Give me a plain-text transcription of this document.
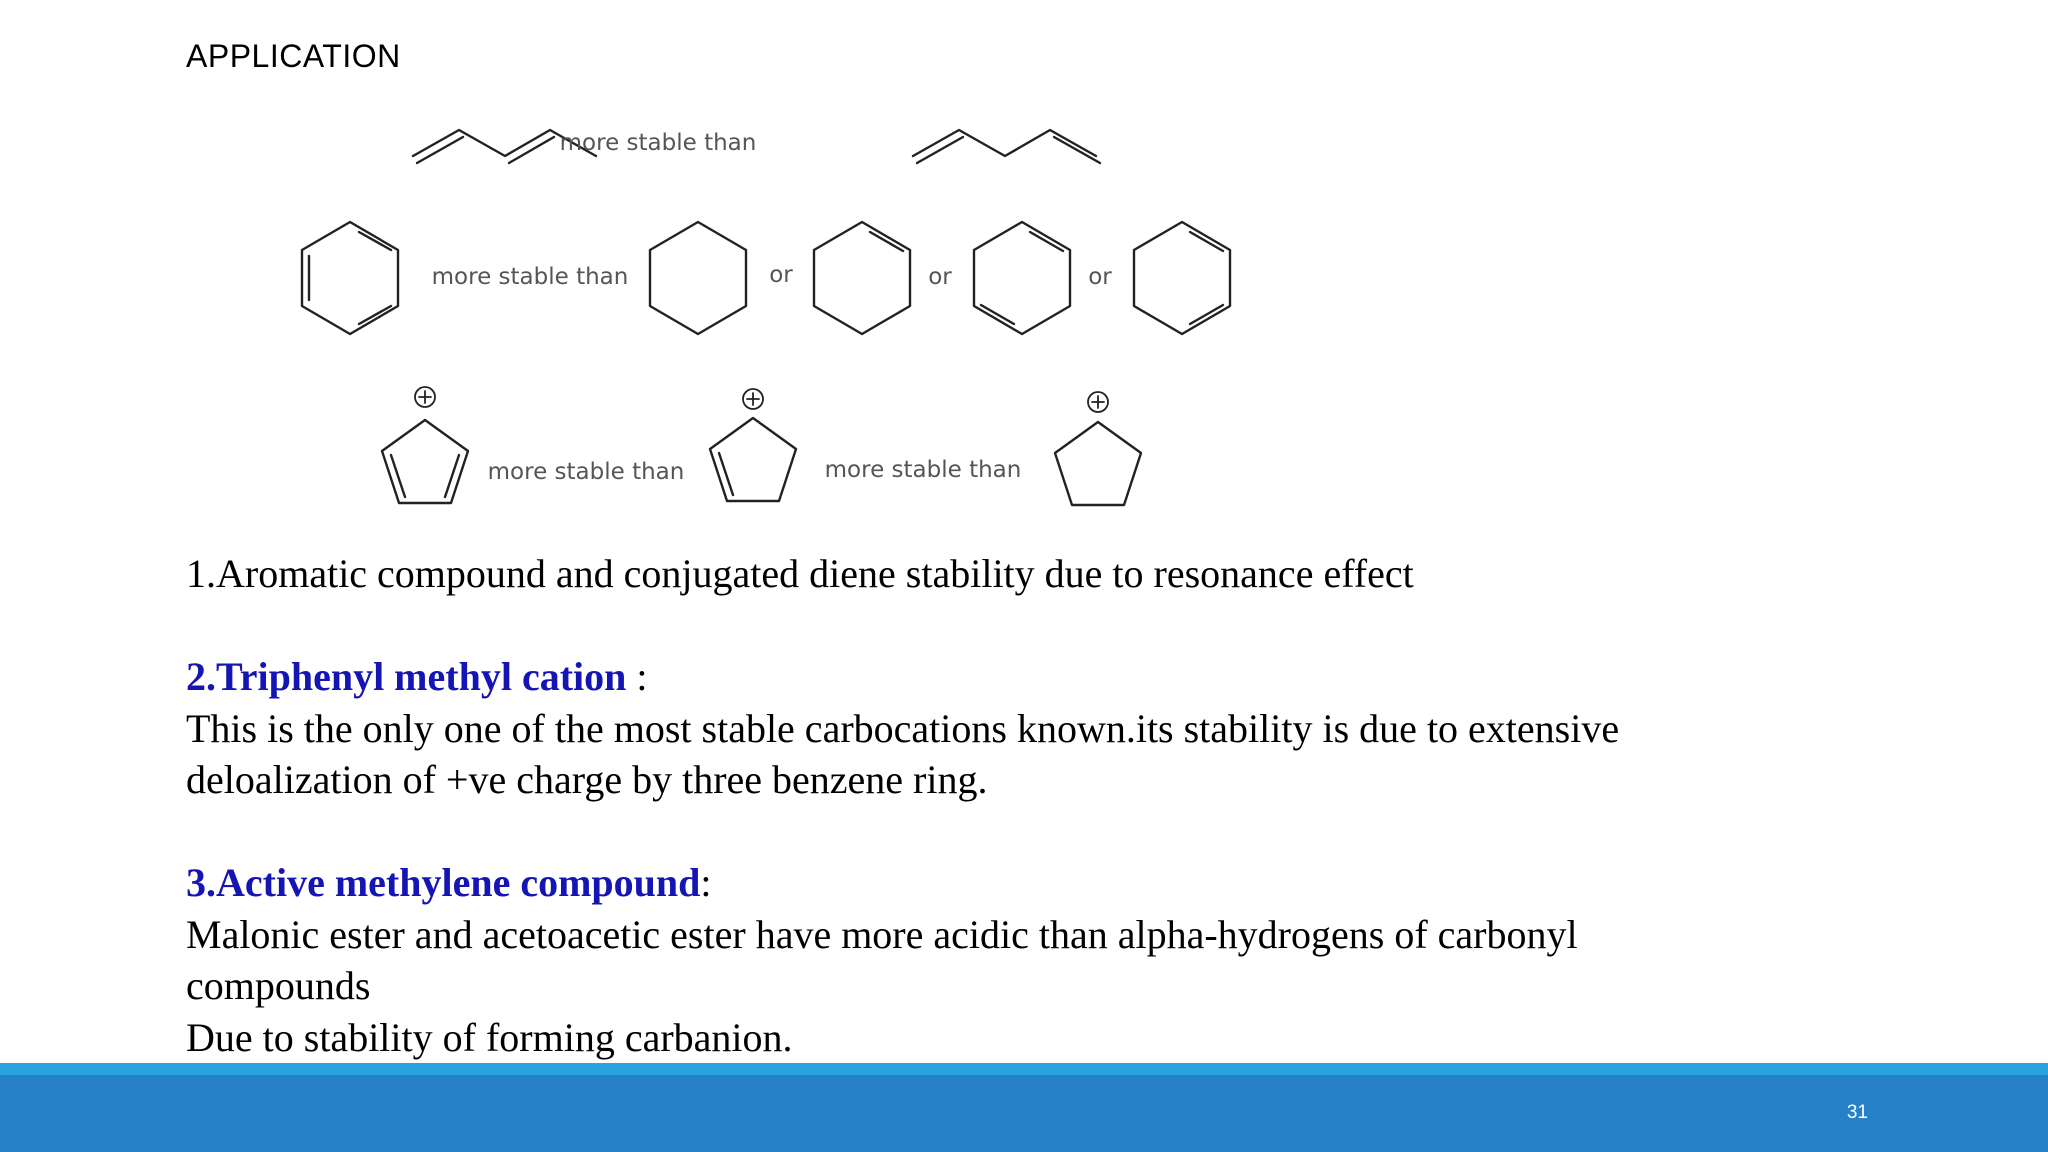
APPLICATION
more stable than
more stable than	or	or	or
more stable than	more stable than

1.Aromatic compound and conjugated diene stability due to resonance effect

2.Triphenyl methyl cation :

This is the only one of the most stable carbocations known.its stability is due to extensive

deloalization of +ve charge by three benzene ring.

3.Active methylene compound:

Malonic ester and acetoacetic ester have more acidic than alpha-hydrogens of carbonyl

compounds

Due to stability of forming carbanion.

31
